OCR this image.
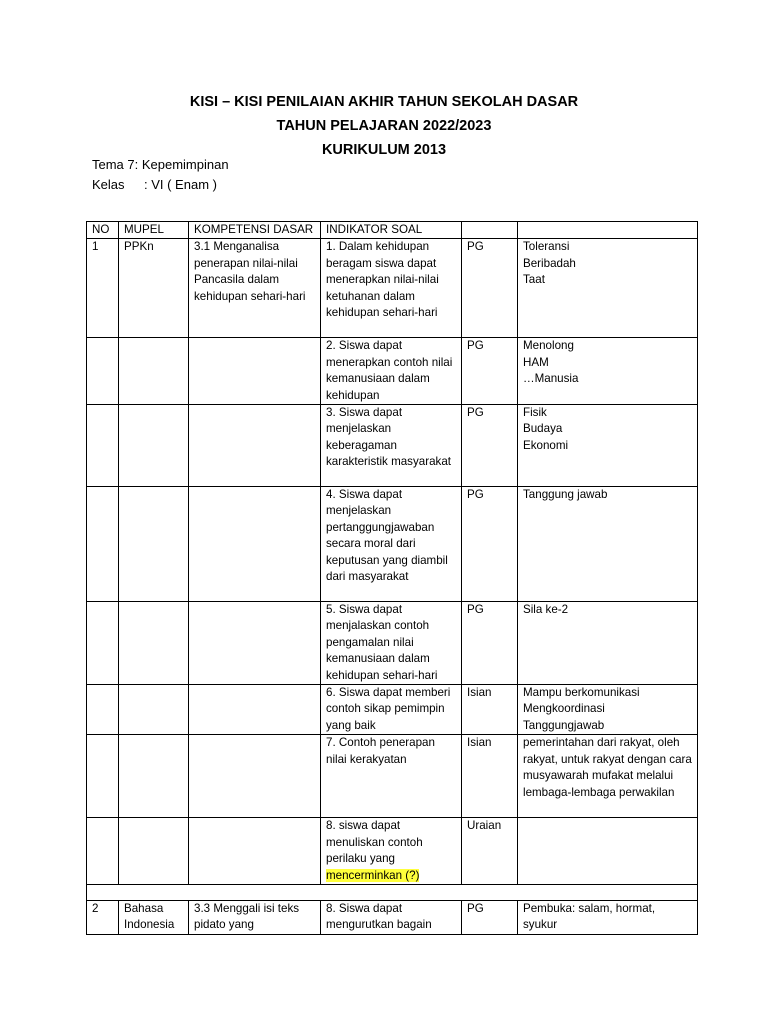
KISI – KISI PENILAIAN AKHIR TAHUN SEKOLAH DASAR
TAHUN PELAJARAN 2022/2023
KURIKULUM 2013
Tema 7: Kepemimpinan
Kelas : VI ( Enam )
NO	MUPEL	KOMPETENSI DASAR	INDIKATOR SOAL		
1	PPKn	3.1 Menganalisa penerapan nilai-nilai Pancasila dalam kehidupan sehari-hari	1. Dalam kehidupan beragam siswa dapat menerapkan nilai-nilai ketuhanan dalam kehidupan sehari-hari	PG	Toleransi
Beribadah
Taat

			2. Siswa dapat menerapkan contoh nilai kemanusiaan dalam kehidupan	PG	Menolong
HAM
…Manusia

			3. Siswa dapat menjelaskan keberagaman karakteristik masyarakat	PG	Fisik
Budaya
Ekonomi

			4. Siswa dapat menjelaskan pertanggungjawaban secara moral dari keputusan yang diambil dari masyarakat	PG	Tanggung jawab

			5. Siswa dapat menjalaskan contoh pengamalan nilai kemanusiaan dalam kehidupan sehari-hari	PG	Sila ke-2

			6. Siswa dapat memberi contoh sikap pemimpin yang baik	Isian	Mampu berkomunikasi
Mengkoordinasi
Tanggungjawab

			7. Contoh penerapan nilai kerakyatan	Isian	pemerintahan dari rakyat, oleh rakyat, untuk rakyat dengan cara musyawarah mufakat melalui lembaga-lembaga perwakilan
			8. siswa dapat menuliskan contoh perilaku yang mencerminkan (?)	Uraian	

2	Bahasa Indonesia	3.3 Menggali isi teks pidato yang	8. Siswa dapat mengurutkan bagain	PG	Pembuka: salam, hormat, syukur
